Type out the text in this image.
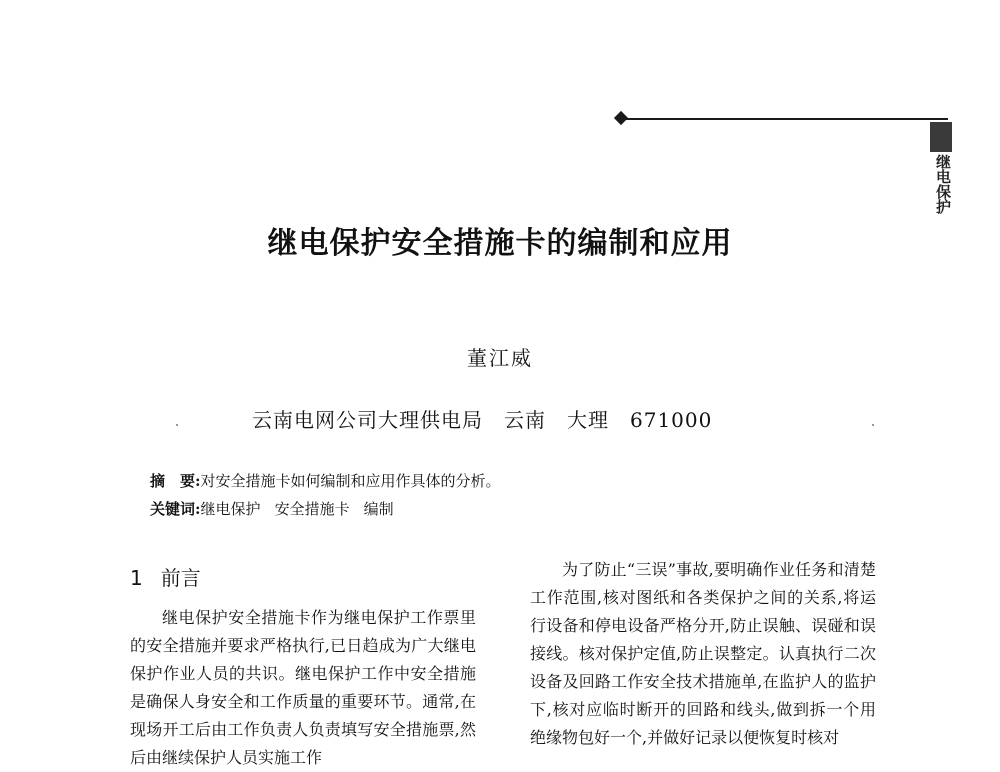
继电保护
继电保护安全措施卡的编制和应用
董江威
云南电网公司大理供电局　云南　大理　671000
摘　要:对安全措施卡如何编制和应用作具体的分析。
关键词:继电保护 安全措施卡 编制
1 前言

继电保护安全措施卡作为继电保护工作票里的安全措施并要求严格执行,已日趋成为广大继电保护作业人员的共识。继电保护工作中安全措施是确保人身安全和工作质量的重要环节。通常,在现场开工后由工作负责人负责填写安全措施票,然后由继续保护人员实施工作

为了防止“三误”事故,要明确作业任务和清楚工作范围,核对图纸和各类保护之间的关系,将运行设备和停电设备严格分开,防止误触、误碰和误接线。核对保护定值,防止误整定。认真执行二次设备及回路工作安全技术措施单,在监护人的监护下,核对应临时断开的回路和线头,做到拆一个用绝缘物包好一个,并做好记录以便恢复时核对
